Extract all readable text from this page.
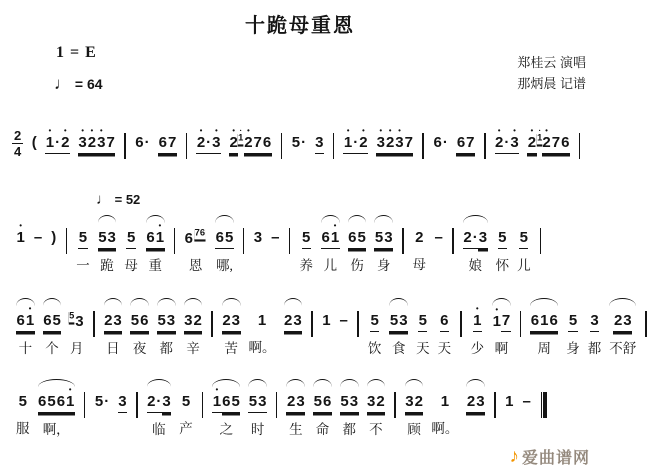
十跪母重恩
1 = E
♩ = 64
郑桂云 演唱
那炳晨 记谱
$\frac{2}{4}$
(

•
1
·
•
2

•
3
•
2
•
3
7

6
·

6
7

•
2
·
•
3

•
2
•
1
•
2
7
6

5
·

3

•
1
·
•
2

•
3
•
2
•
3
7

6
·

6
7

•
2
·
•
3

•
2
•
1
•
2
7
6

♩ = 52
•
1

–

)

5
一

5
3
跪

5
母

6
•
1
重

6
76
恩

6
5
哪,

3

–

5
养

6
•
1
儿

6
5
伤

5
3
身

2
母

–

2
·
3
娘

5
怀

5
儿

6
•
1
十

6
5
个

5
3
月

2
3
日

5
6
夜

5
3
都

3
2
辛

2
3
苦

1
啊。

2
3

1

–

5
饮

5
3
食

5
天

6
天
•
1
少
•
1
7
啊

6
1
6
周

5
身

3
都

2
3
不舒

5
服

6
5
6
•
1
啊，

5
·

3

2
·
3
临

5
产
•
1
6
5
之

5
3
时

2
3
生

5
6
命

5
3
都

3
2
不

3
2
顾

1
啊。

2
3

1

–

♪ 爱曲谱网
